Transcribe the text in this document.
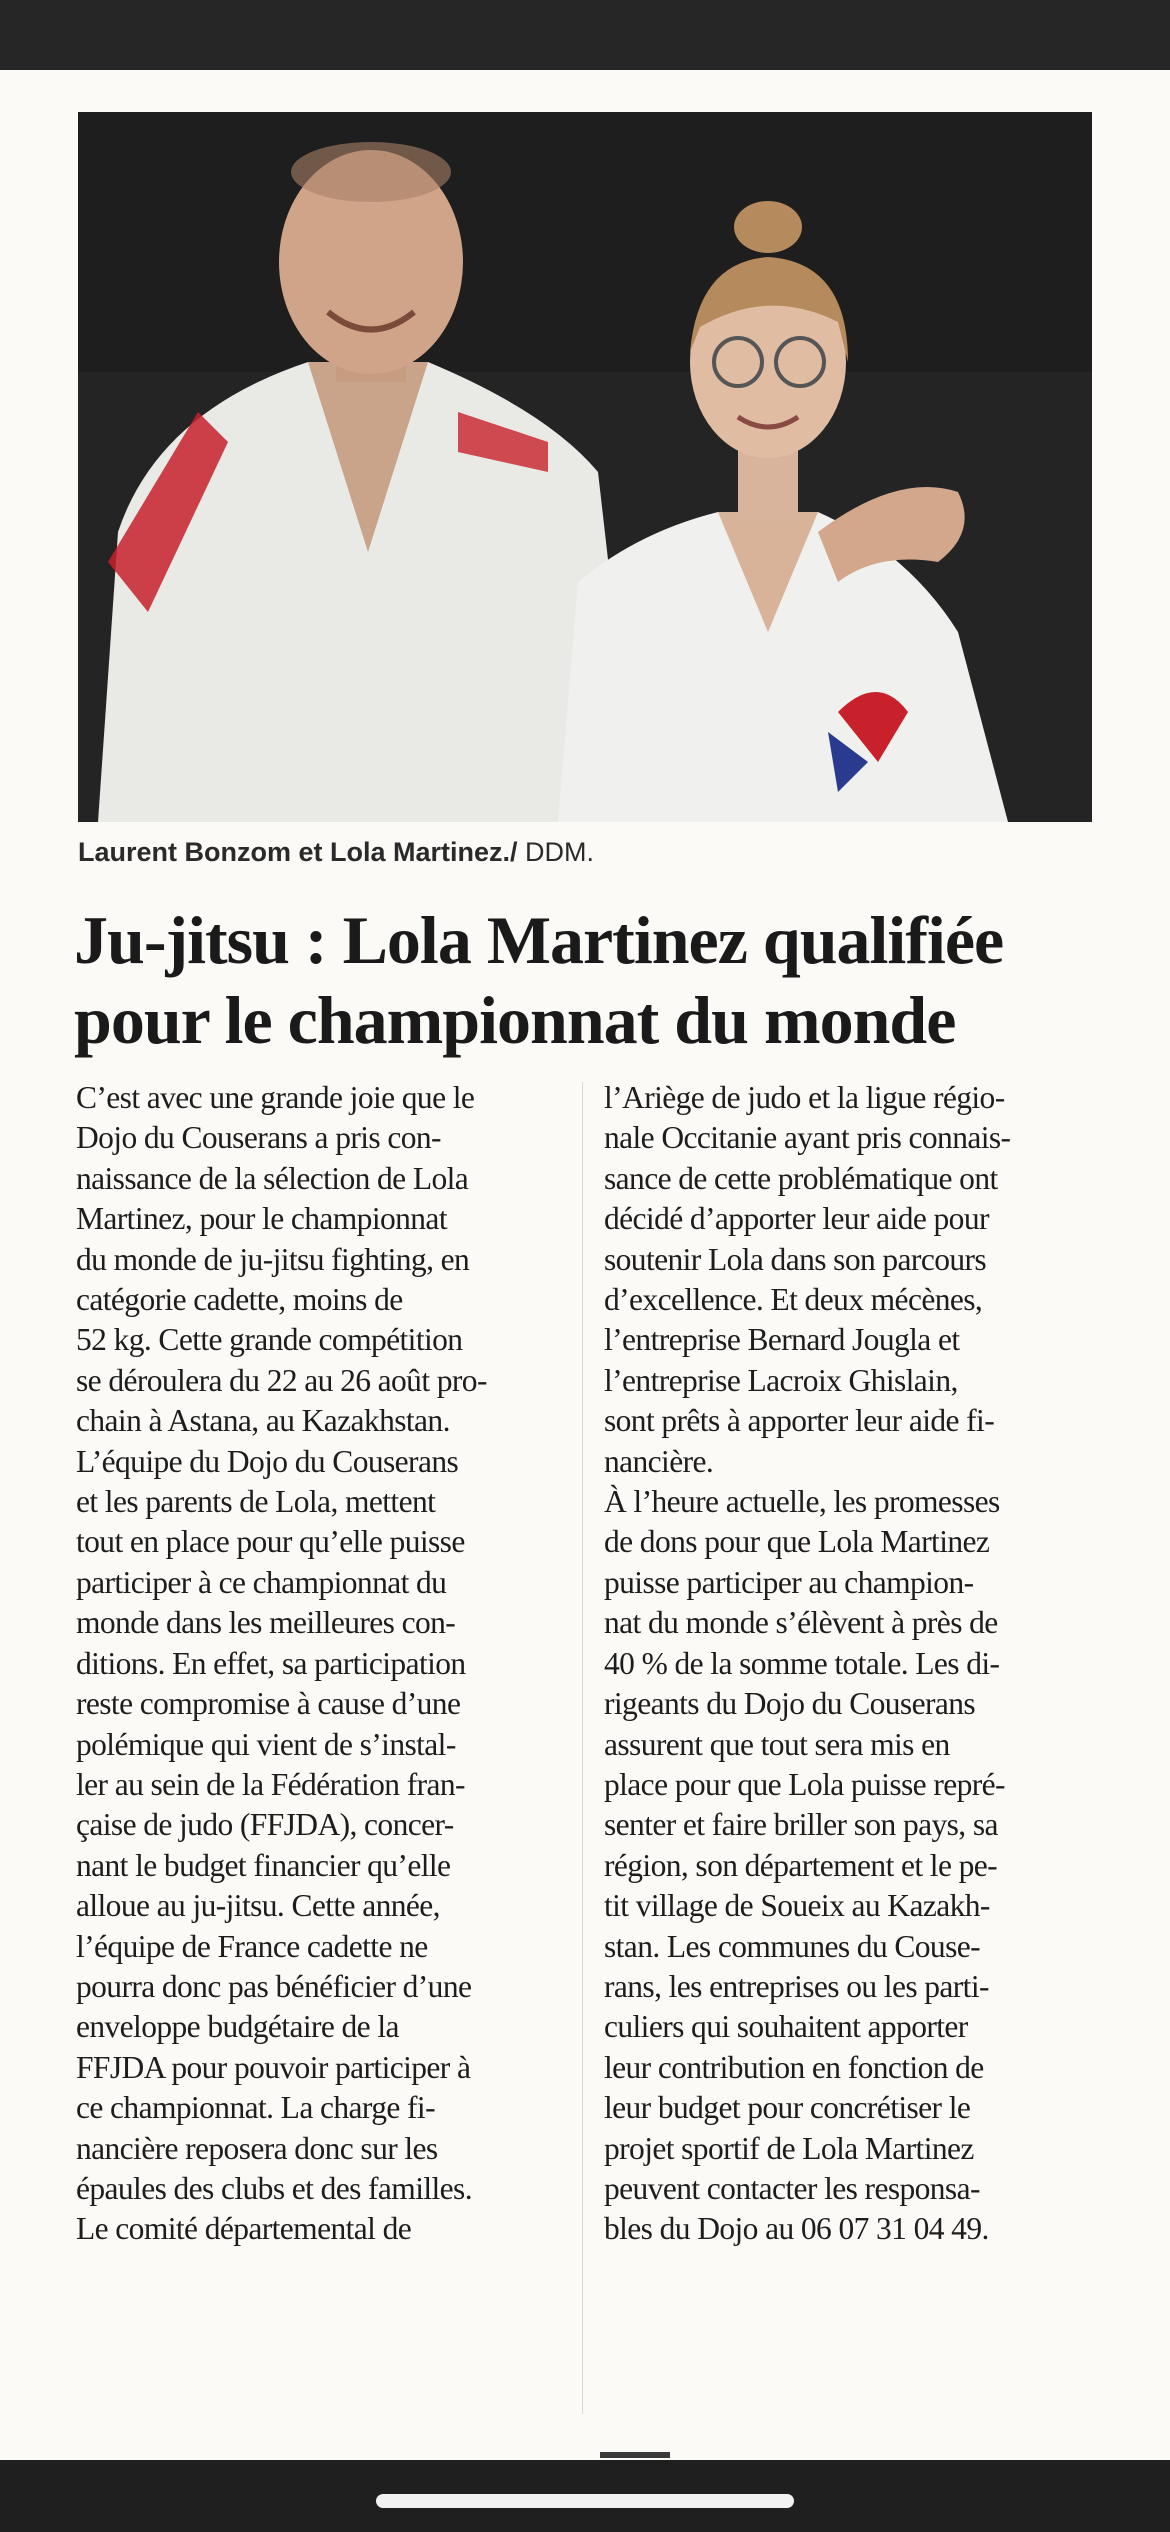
Laurent Bonzom et Lola Martinez./ DDM.
Ju-jitsu : Lola Martinez qualifiée
pour le championnat du monde
C’est avec une grande joie que le
Dojo du Couserans a pris con-
naissance de la sélection de Lola
Martinez, pour le championnat
du monde de ju-jitsu fighting, en
catégorie cadette, moins de
52 kg. Cette grande compétition
se déroulera du 22 au 26 août pro-
chain à Astana, au Kazakhstan.
L’équipe du Dojo du Couserans
et les parents de Lola, mettent
tout en place pour qu’elle puisse
participer à ce championnat du
monde dans les meilleures con-
ditions. En effet, sa participation
reste compromise à cause d’une
polémique qui vient de s’instal-
ler au sein de la Fédération fran-
çaise de judo (FFJDA), concer-
nant le budget financier qu’elle
alloue au ju-jitsu. Cette année,
l’équipe de France cadette ne
pourra donc pas bénéficier d’une
enveloppe budgétaire de la
FFJDA pour pouvoir participer à
ce championnat. La charge fi-
nancière reposera donc sur les
épaules des clubs et des familles.
Le comité départemental de
l’Ariège de judo et la ligue régio-
nale Occitanie ayant pris connais-
sance de cette problématique ont
décidé d’apporter leur aide pour
soutenir Lola dans son parcours
d’excellence. Et deux mécènes,
l’entreprise Bernard Jougla et
l’entreprise Lacroix Ghislain,
sont prêts à apporter leur aide fi-
nancière.
À l’heure actuelle, les promesses
de dons pour que Lola Martinez
puisse participer au champion-
nat du monde s’élèvent à près de
40 % de la somme totale. Les di-
rigeants du Dojo du Couserans
assurent que tout sera mis en
place pour que Lola puisse repré-
senter et faire briller son pays, sa
région, son département et le pe-
tit village de Soueix au Kazakh-
stan. Les communes du Couse-
rans, les entreprises ou les parti-
culiers qui souhaitent apporter
leur contribution en fonction de
leur budget pour concrétiser le
projet sportif de Lola Martinez
peuvent contacter les responsa-
bles du Dojo au 06 07 31 04 49.
